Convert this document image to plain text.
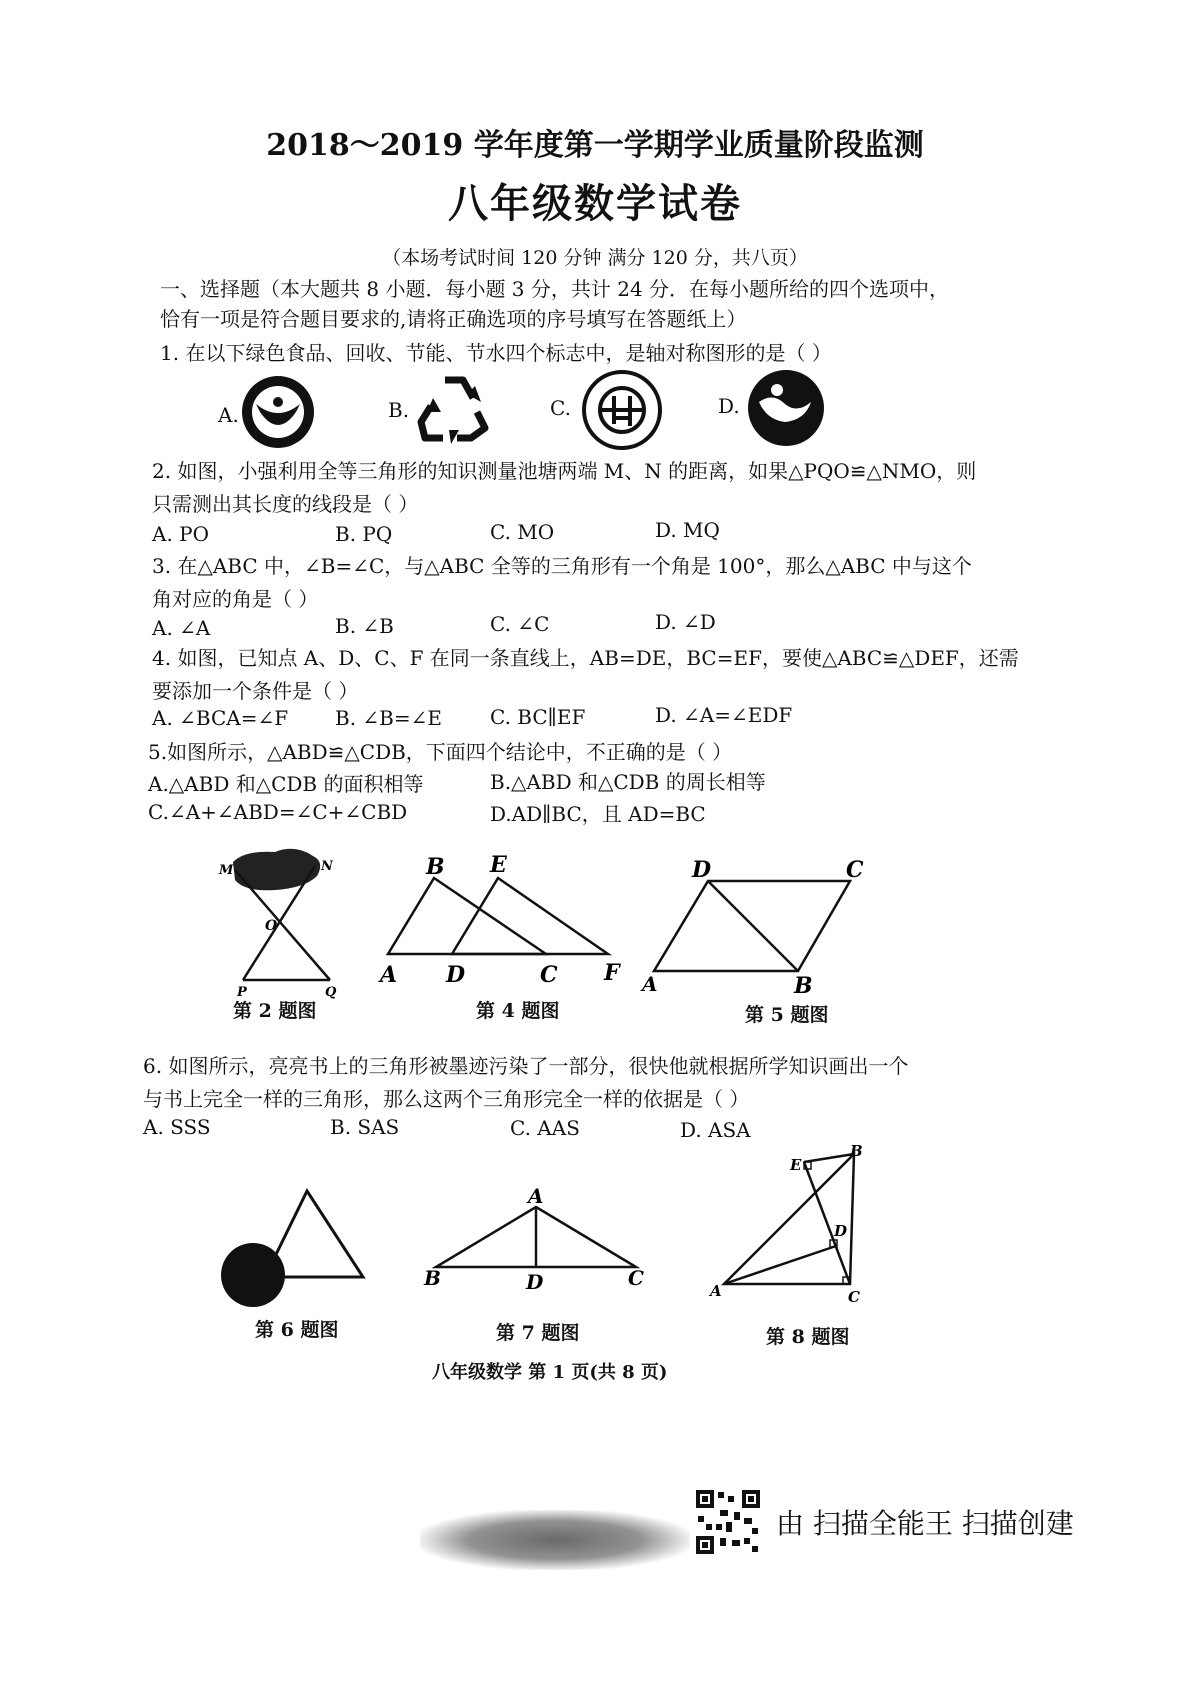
2018～2019 学年度第一学期学业质量阶段监测
八年级数学试卷
（本场考试时间 120 分钟 满分 120 分，共八页）
一、选择题（本大题共 8 小题．每小题 3 分，共计 24 分．在每小题所给的四个选项中，
恰有一项是符合题目要求的,请将正确选项的序号填写在答题纸上）
1. 在以下绿色食品、回收、节能、节水四个标志中，是轴对称图形的是（ ）
A.	B.	C.	D.
2. 如图，小强利用全等三角形的知识测量池塘两端 M、N 的距离，如果△PQO≌△NMO，则
只需测出其长度的线段是（ ）
A. PO	B. PQ	C. MO	D. MQ
3. 在△ABC 中，∠B=∠C，与△ABC 全等的三角形有一个角是 100°，那么△ABC 中与这个
角对应的角是（ ）
A. ∠A	B. ∠B	C. ∠C	D. ∠D
4. 如图，已知点 A、D、C、F 在同一条直线上，AB=DE，BC=EF，要使△ABC≌△DEF，还需
要添加一个条件是（ ）
A. ∠BCA=∠F B. ∠B=∠E C. BC∥EF	D. ∠A=∠EDF
5.如图所示，△ABD≌△CDB，下面四个结论中，不正确的是（ ）
A.△ABD 和△CDB 的面积相等	B.△ABD 和△CDB 的周长相等
C.∠A+∠ABD=∠C+∠CBD	D.AD∥BC，且 AD=BC
M	N
O
P	Q
第 2 题图
B E
A D	C F
第 4 题图
D	C
A	B
第 5 题图
6. 如图所示，亮亮书上的三角形被墨迹污染了一部分，很快他就根据所学知识画出一个
与书上完全一样的三角形，那么这两个三角形完全一样的依据是（ ）
A. SSS	B. SAS	C. AAS	D. ASA
第 6 题图
A
B	D	C
第 7 题图
E
B
D
A	C
第 8 题图
八年级数学 第 1 页(共 8 页)
由 扫描全能王 扫描创建
